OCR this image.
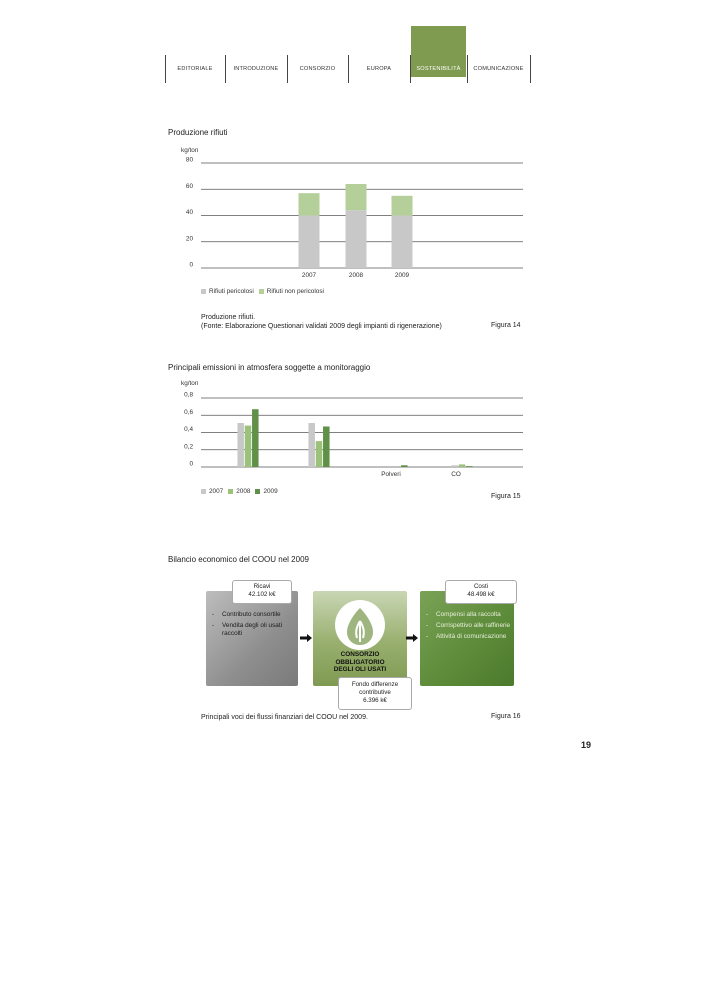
EDITORIALE	INTRODUZIONE	CONSORZIO	EUROPA	SOSTENIBILITÀ	COMUNICAZIONE
Produzione rifiuti
kg/ton
80
60
40
20
0
2007	2008	2009
Rifiuti pericolosi Rifiuti non pericolosi
Produzione rifiuti.
(Fonte: Elaborazione Questionari validati 2009 degli impianti di rigenerazione)	Figura 14
Principali emissioni in atmosfera soggette a monitoraggio
kg/ton
0,8
0,6
0,4
0,2
0
Polveri	CO
2007 2008 2009
Figura 15
Bilancio economico del COOU nel 2009
-	Contributo consortile
-	Vendita degli oli usati raccolti
Ricavi
42.102 k€
CONSORZIO
OBBLIGATORIO
DEGLI OLI USATI
Fondo differenze
contributive
6.396 k€
-	Compensi alla raccolta
-	Corrispettivo alle raffinerie
-	Attività di comunicazione
Costi
48.498 k€
Principali voci dei flussi finanziari del COOU nel 2009.	Figura 16
19
